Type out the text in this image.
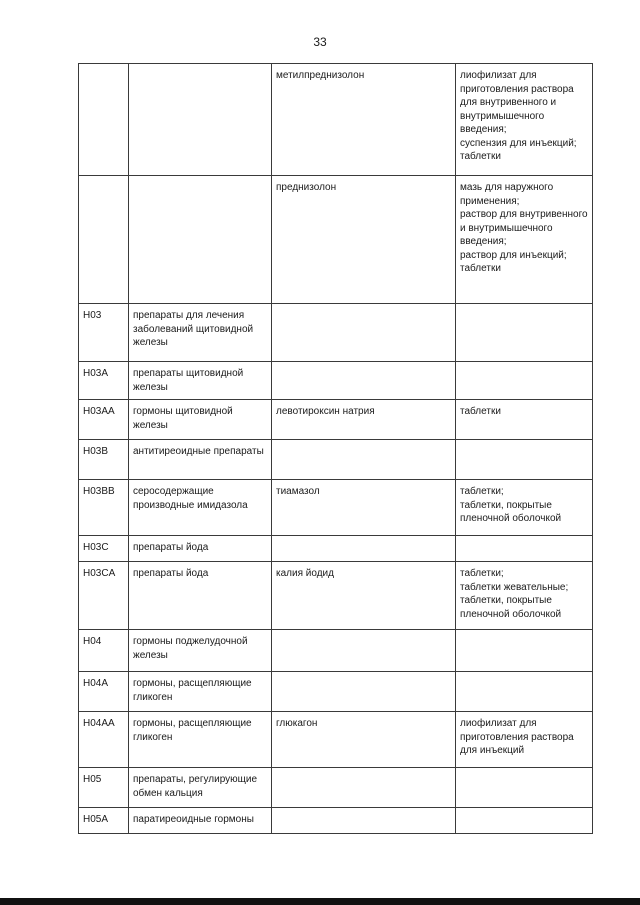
33
		метилпреднизолон	лиофилизат для приготовления раствора для внутривенного и внутримышечного введения;
суспензия для инъекций;
таблетки
		преднизолон	мазь для наружного применения;
раствор для внутривенного и внутримышечного введения;
раствор для инъекций;
таблетки
H03	препараты для лечения заболеваний щитовидной железы		
H03A	препараты щитовидной железы		
H03AA	гормоны щитовидной железы	левотироксин натрия	таблетки
H03B	антитиреоидные препараты		
H03BB	серосодержащие производные имидазола	тиамазол	таблетки;
таблетки, покрытые пленочной оболочкой
H03C	препараты йода		
H03CA	препараты йода	калия йодид	таблетки;
таблетки жевательные;
таблетки, покрытые пленочной оболочкой
H04	гормоны поджелудочной железы		
H04A	гормоны, расщепляющие гликоген		
H04AA	гормоны, расщепляющие гликоген	глюкагон	лиофилизат для приготовления раствора для инъекций
H05	препараты, регулирующие обмен кальция		
H05A	паратиреоидные гормоны		
